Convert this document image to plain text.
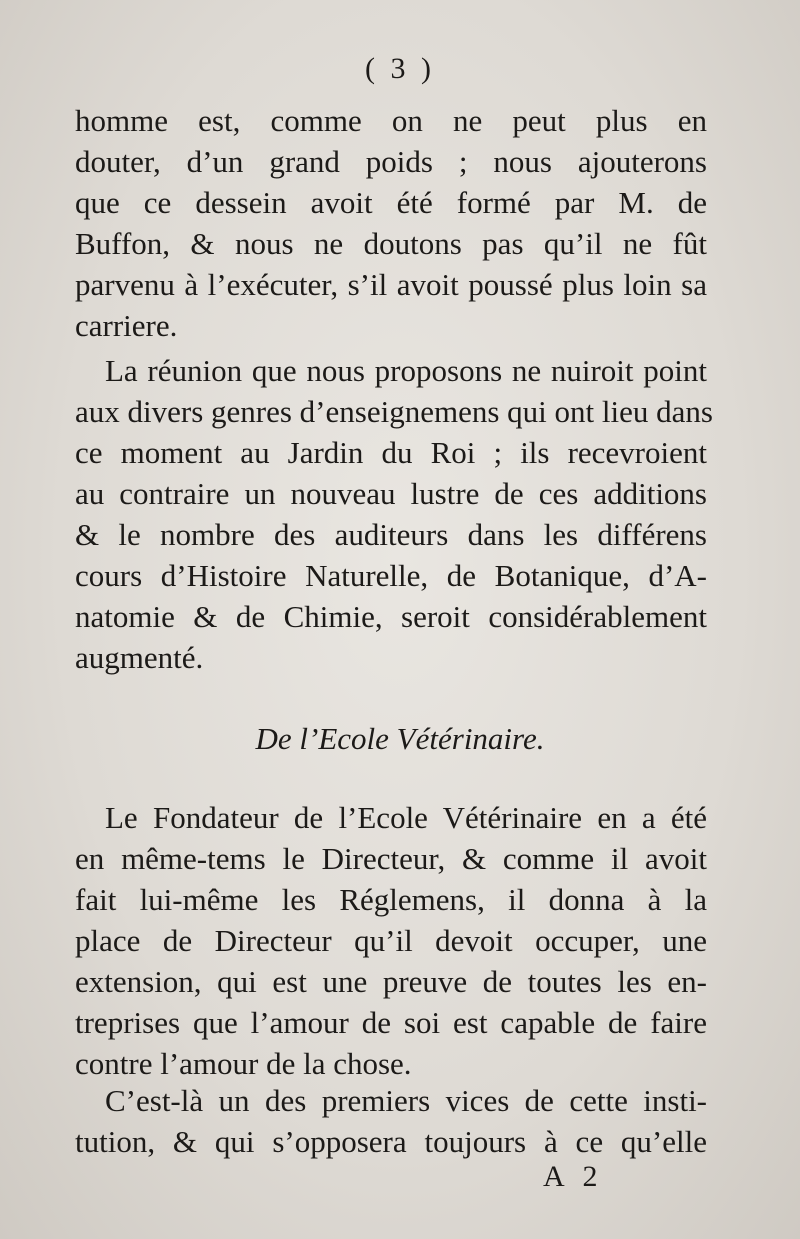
( 3 )
homme est, comme on ne peut plus en
douter, d’un grand poids ; nous ajouterons
que ce dessein avoit été formé par M. de
Buffon, & nous ne doutons pas qu’il ne fût
parvenu à l’exécuter, s’il avoit poussé plus loin sa
carriere.
La réunion que nous proposons ne nuiroit point
aux divers genres d’enseignemens qui ont lieu dans
ce moment au Jardin du Roi ; ils recevroient
au contraire un nouveau lustre de ces additions
& le nombre des auditeurs dans les différens
cours d’Histoire Naturelle, de Botanique, d’A-
natomie & de Chimie, seroit considérablement
augmenté.
De l’Ecole Vétérinaire.
Le Fondateur de l’Ecole Vétérinaire en a été
en même-tems le Directeur, & comme il avoit
fait lui-même les Réglemens, il donna à la
place de Directeur qu’il devoit occuper, une
extension, qui est une preuve de toutes les en-
treprises que l’amour de soi est capable de faire
contre l’amour de la chose.
C’est-là un des premiers vices de cette insti-
tution, & qui s’opposera toujours à ce qu’elle
A 2
